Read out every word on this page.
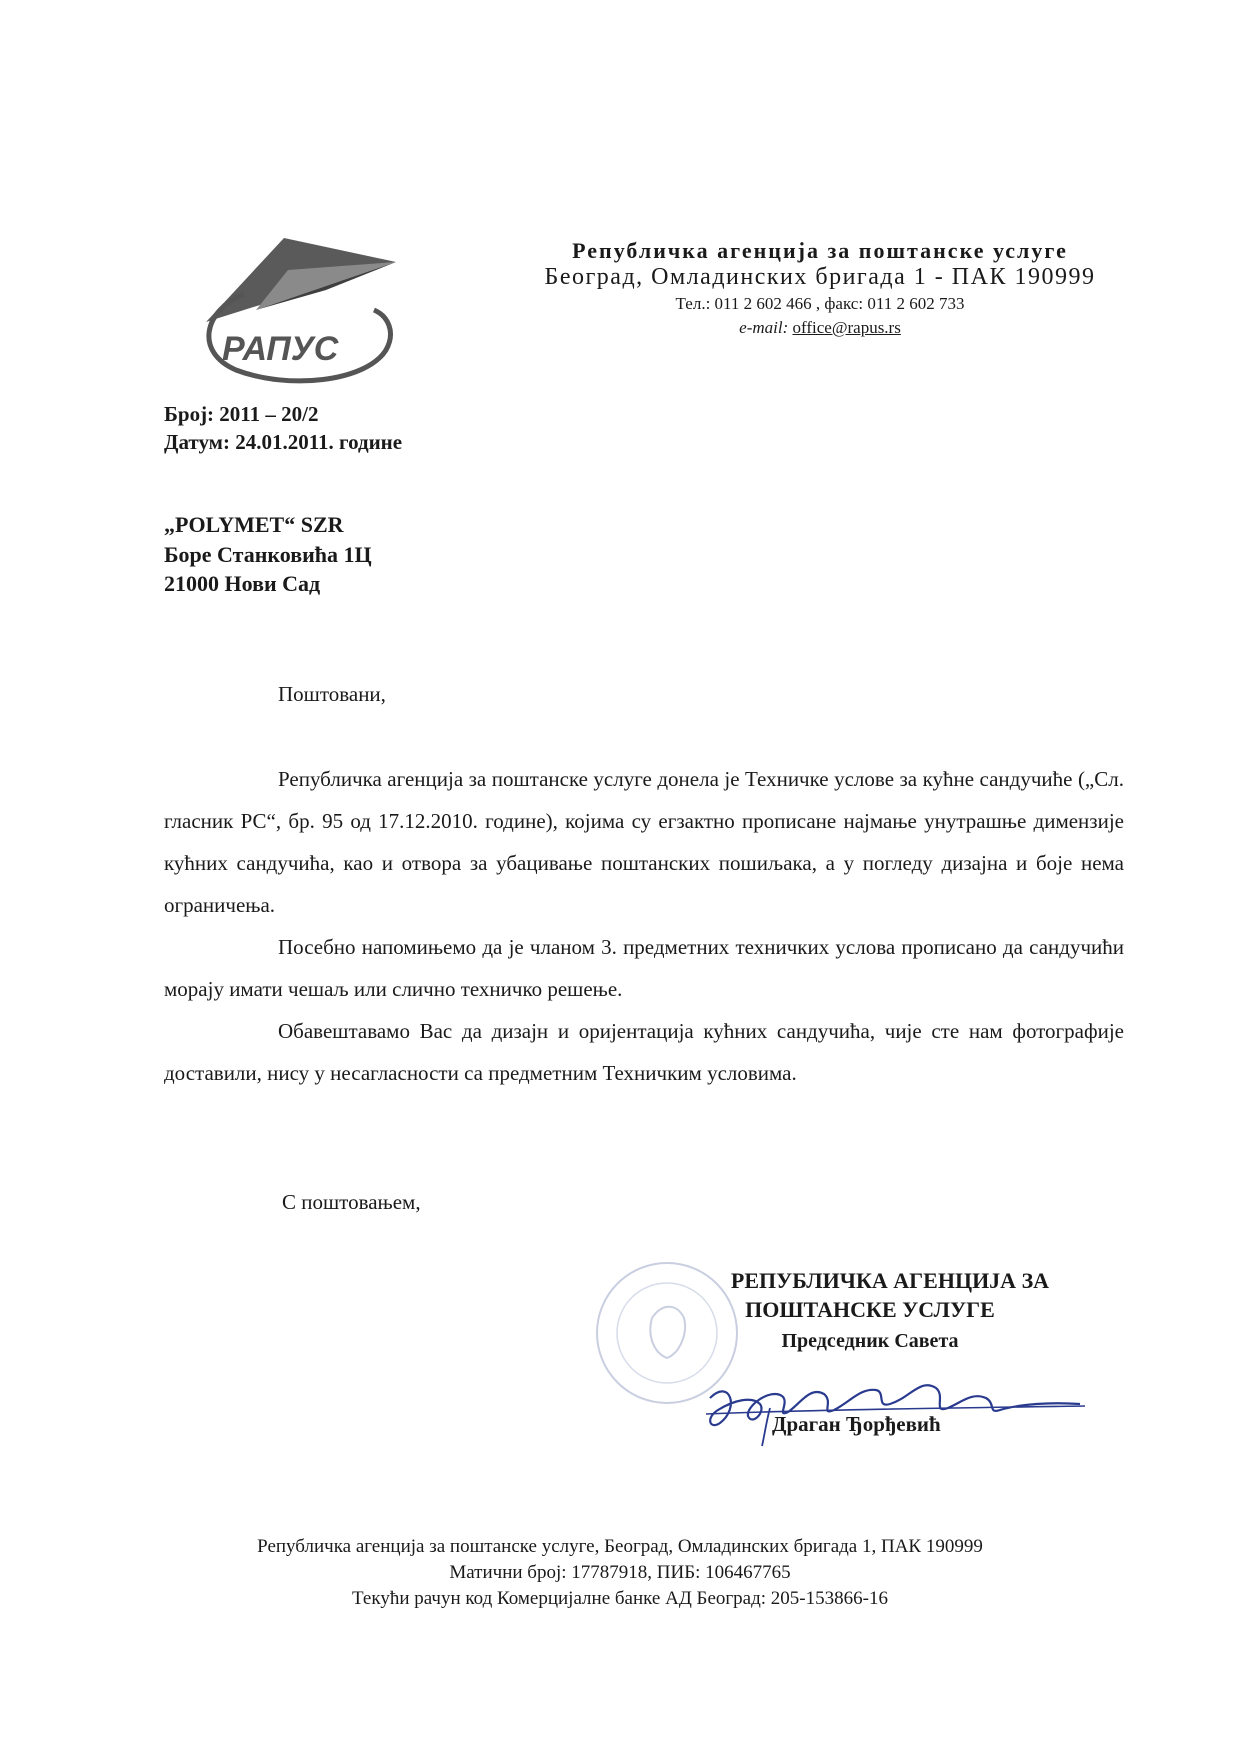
РАПУС
Републичка агенција за поштанске услуге
Београд, Омладинских бригада 1 - ПАК 190999
Тел.: 011 2 602 466 , факс: 011 2 602 733
e-mail: office@rapus.rs
Број: 2011 – 20/2
Датум: 24.01.2011. године
„POLYMET“ SZR
Боре Станковића 1Ц
21000 Нови Сад
Поштовани,

Републичка агенција за поштанске услуге донела је Техничке услове за кућне сандучиће („Сл. гласник РС“, бр. 95 од 17.12.2010. године), којима су егзактно прописане најмање унутрашње димензије кућних сандучића, као и отвора за убацивање поштанских пошиљака, а у погледу дизајна и боје нема ограничења.

Посебно напомињемо да је чланом 3. предметних техничких услова прописано да сандучићи морају имати чешаљ или слично техничко решење.

Обавештавамо Вас да дизајн и оријентација кућних сандучића, чије сте нам фотографије доставили, нису у несагласности са предметним Техничким условима.

С поштовањем,
РЕПУБЛИЧКА АГЕНЦИЈА ЗА
ПОШТАНСКЕ УСЛУГЕ
Председник Савета
Драган Ђорђевић
Републичка агенција за поштанске услуге, Београд, Омладинских бригада 1, ПАК 190999
Матични број: 17787918, ПИБ: 106467765
Текући рачун код Комерцијалне банке АД Београд: 205-153866-16
